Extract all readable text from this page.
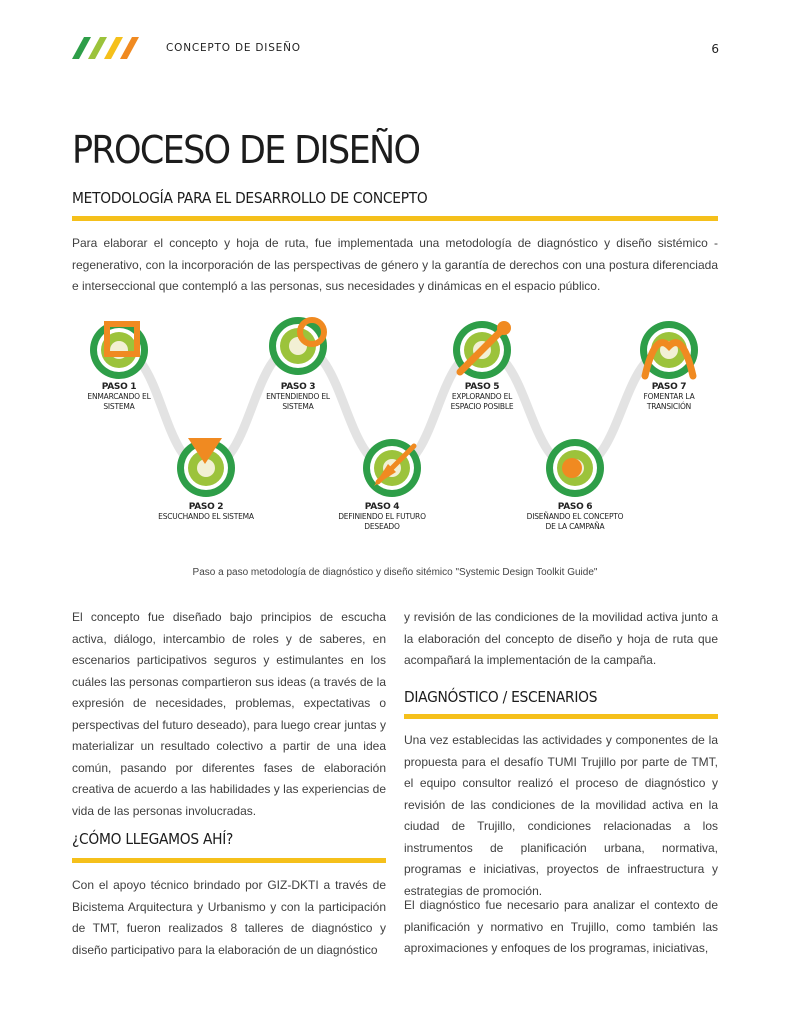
CONCEPTO DE DISEÑO	6
PROCESO DE DISEÑO
METODOLOGÍA PARA EL DESARROLLO DE CONCEPTO

Para elaborar el concepto y hoja de ruta, fue implementada una metodología de diagnóstico y diseño sistémico - regenerativo, con la incorporación de las perspectivas de género y la garantía de derechos con una postura diferenciada e interseccional que contempló a las personas, sus necesidades y dinámicas en el espacio público.

PASO 1
ENMARCANDO EL
SISTEMA
PASO 2
ESCUCHANDO EL SISTEMA
PASO 3
ENTENDIENDO EL
SISTEMA
PASO 4
DEFINIENDO EL FUTURO
DESEADO
PASO 5
EXPLORANDO EL
ESPACIO POSIBLE
PASO 6
DISEÑANDO EL CONCEPTO
DE LA CAMPAÑA
PASO 7
FOMENTAR LA
TRANSICIÓN

Paso a paso metodología de diagnóstico y diseño sitémico "Systemic Design Toolkit Guide"

El concepto fue diseñado bajo principios de escucha activa, diálogo, intercambio de roles y de saberes, en escenarios participativos seguros y estimulantes en los cuáles las personas compartieron sus ideas (a través de la expresión de necesidades, problemas, expectativas o perspectivas del futuro deseado), para luego crear juntas y materializar un resultado colectivo a partir de una idea común, pasando por diferentes fases de elaboración creativa de acuerdo a las habilidades y las experiencias de vida de las personas involucradas.

¿CÓMO LLEGAMOS AHÍ?

Con el apoyo técnico brindado por GIZ-DKTI a través de Bicistema Arquitectura y Urbanismo y con la participación de TMT, fueron realizados 8 talleres de diagnóstico y diseño participativo para la elaboración de un diagnóstico

y revisión de las condiciones de la movilidad activa junto a la elaboración del concepto de diseño y hoja de ruta que acompañará la implementación de la campaña.

DIAGNÓSTICO / ESCENARIOS

Una vez establecidas las actividades y componentes de la propuesta para el desafío TUMI Trujillo por parte de TMT, el equipo consultor realizó el proceso de diagnóstico y revisión de las condiciones de la movilidad activa en la ciudad de Trujillo, condiciones relacionadas a los instrumentos de planificación urbana, normativa, programas e iniciativas, proyectos de infraestructura y estrategias de promoción.

El diagnóstico fue necesario para analizar el contexto de planificación y normativo en Trujillo, como también las aproximaciones y enfoques de los programas, iniciativas,
